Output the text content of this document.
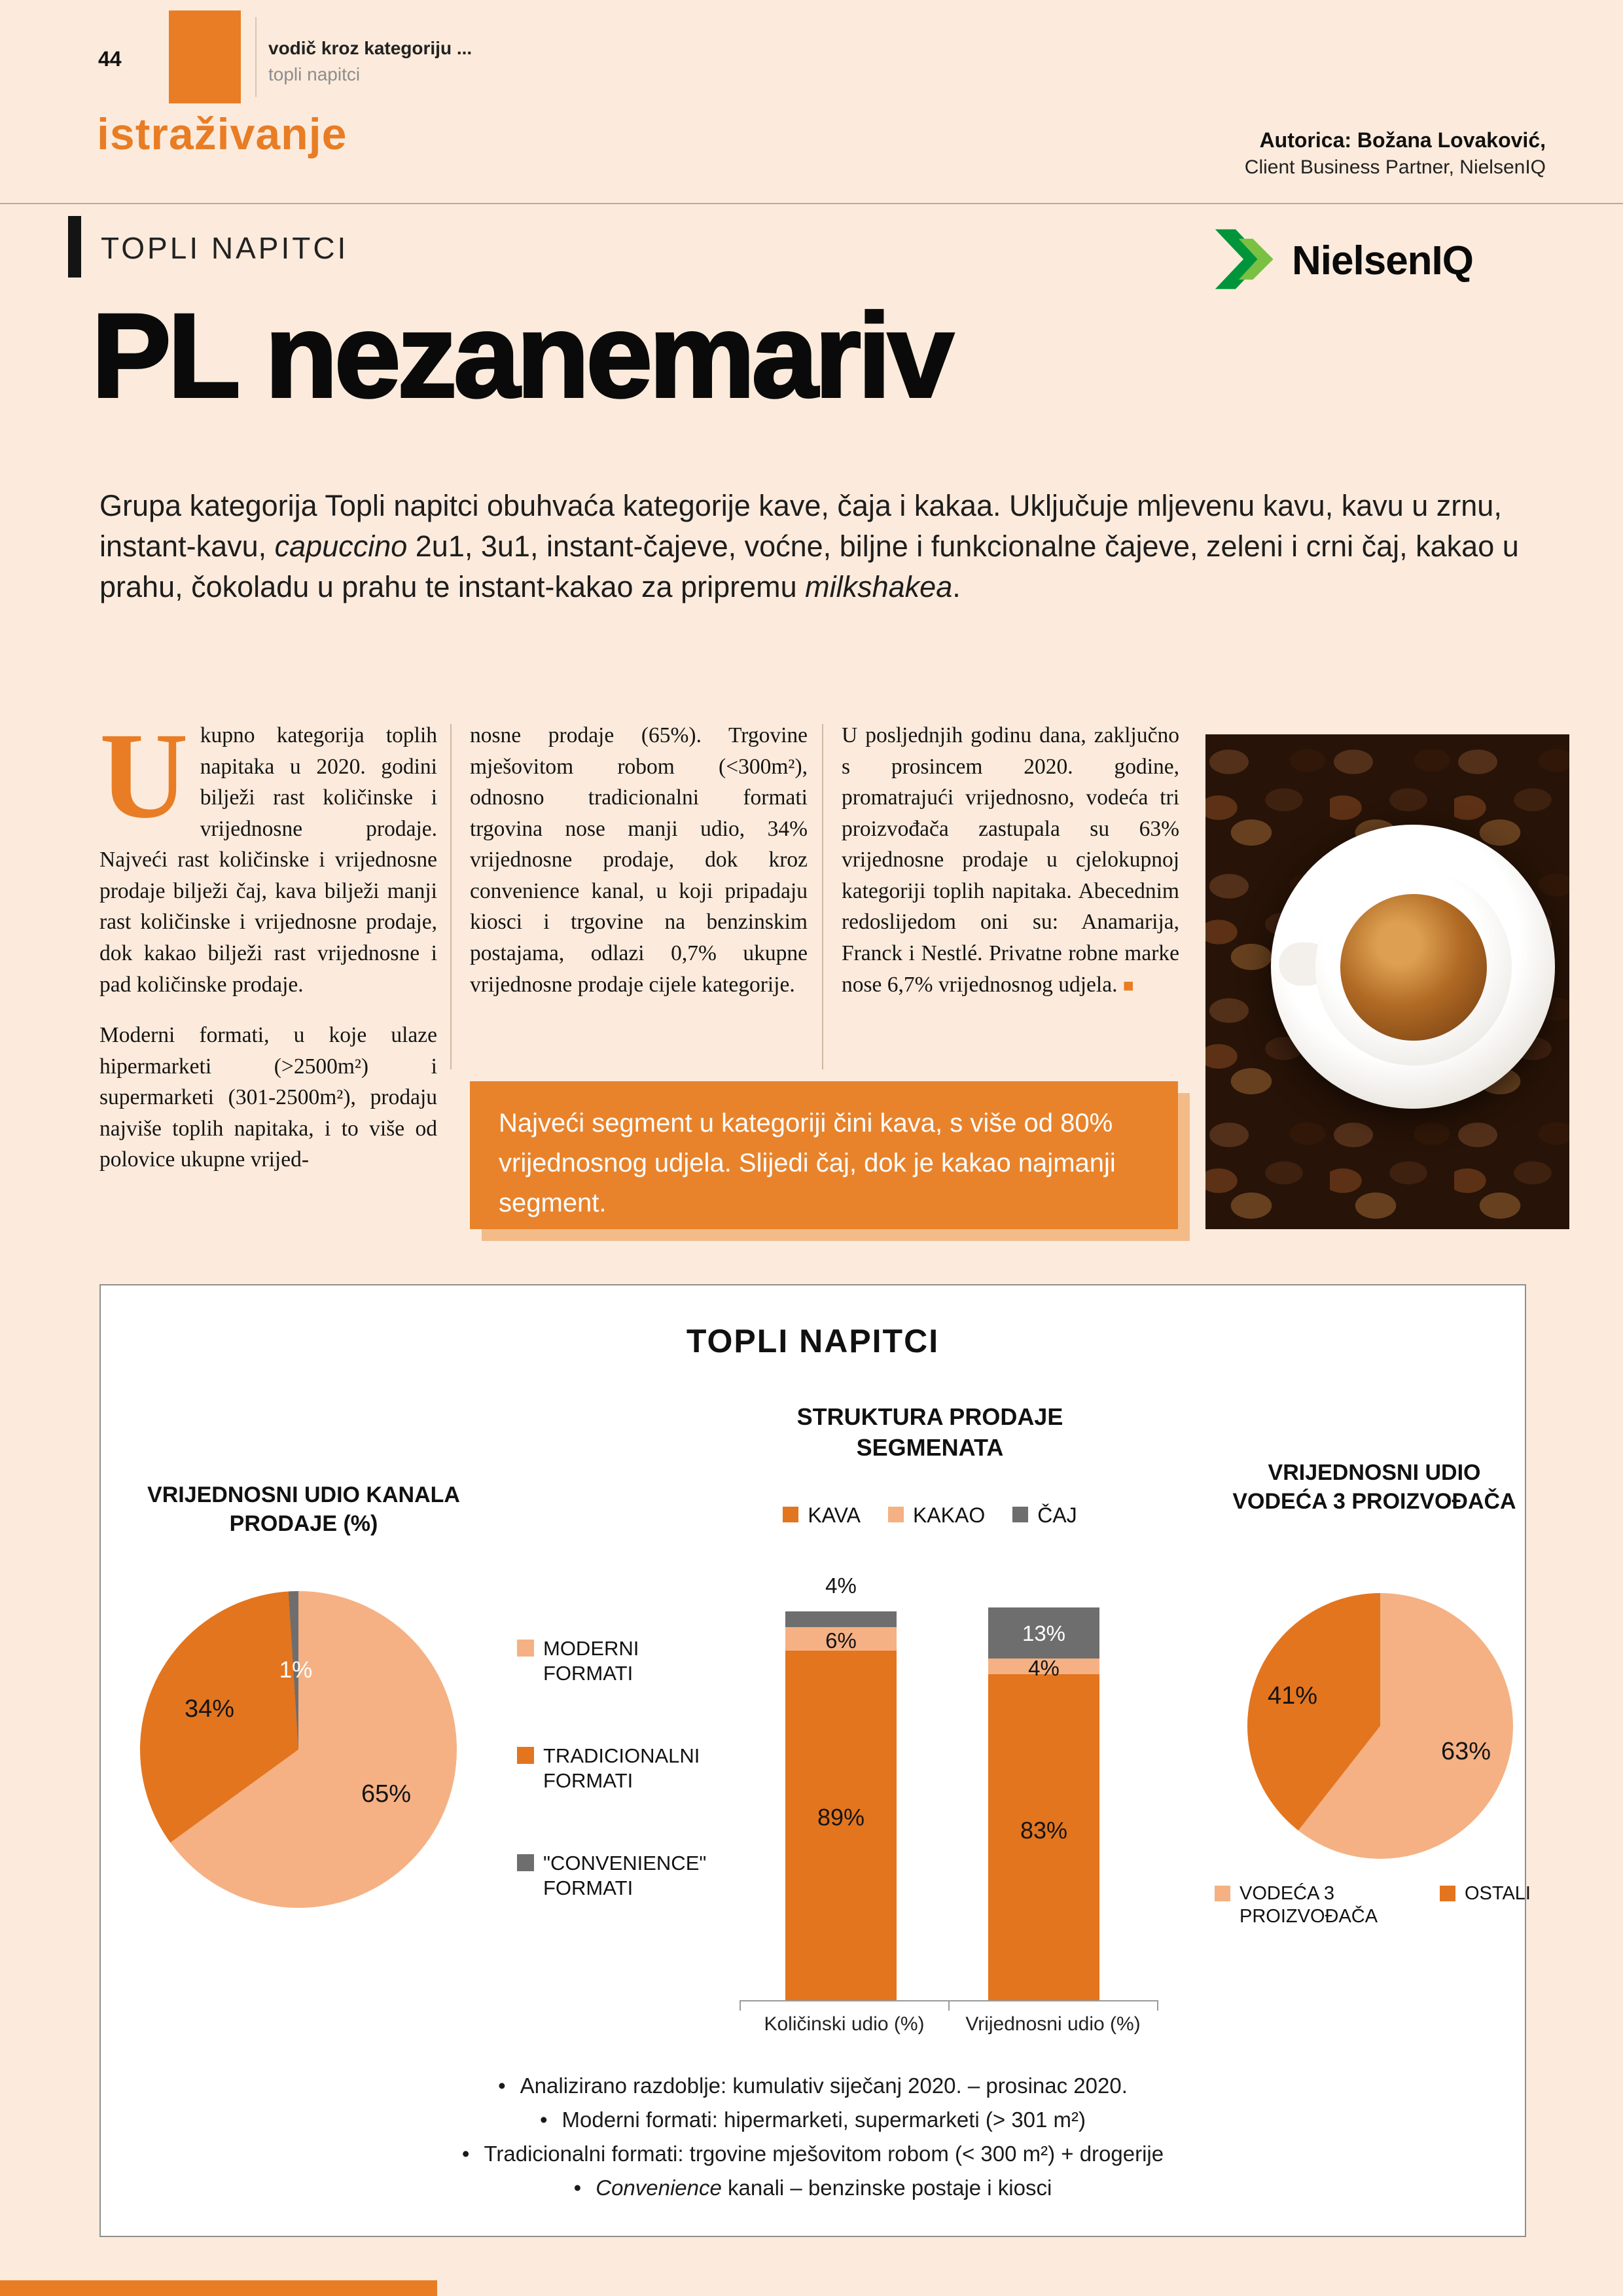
44	vodič kroz kategoriju ...
topli napitci
istraživanje	Autorica: Božana Lovaković,
Client Business Partner, NielsenIQ
TOPLI NAPITCI	NielsenIQ
PL nezanemariv
Grupa kategorija Topli napitci obuhvaća kategorije kave, čaja i kakaa. Uključuje mljevenu kavu, kavu u zrnu, instant-kavu, capuccino 2u1, 3u1, instant-čajeve, voćne, biljne i funkcionalne čajeve, zeleni i crni čaj, kakao u prahu, čokoladu u prahu te instant-kakao za pripremu milkshakea.

Ukupno kategorija toplih napitaka u 2020. godini bilježi rast količinske i vrijednosne prodaje. Najveći rast količinske i vrijednosne prodaje bilježi čaj, kava bilježi manji rast količinske i vrijednosne prodaje, dok kakao bilježi rast vrijednosne i pad količinske prodaje.

Moderni formati, u koje ulaze hipermarketi (>2500m²) i supermarketi (301-2500m²), prodaju najviše toplih napitaka, i to više od polovice ukupne vrijed-

nosne prodaje (65%). Trgovine mješovitom robom (<300m²), odnosno tradicionalni formati trgovina nose manji udio, 34% vrijednosne prodaje, dok kroz convenience kanal, u koji pripadaju kiosci i trgovine na benzinskim postajama, odlazi 0,7% ukupne vrijednosne prodaje cijele kategorije.
U posljednjih godinu dana, zaključno s prosincem 2020. godine, promatrajući vrijednosno, vodeća tri proizvođača zastupala su 63% vrijednosne prodaje u cjelokupnoj kategoriji toplih napitaka. Abecednim redoslijedom oni su: Anamarija, Franck i Nestlé. Privatne robne marke nose 6,7% vrijednosnog udjela. ■
Najveći segment u kategoriji čini kava, s više od 80% vrijednosnog udjela. Slijedi čaj, dok je kakao najmanji segment.
TOPLI NAPITCI
VRIJEDNOSNI UDIO KANALA PRODAJE (%)
34%
65%
1%
MODERNI FORMATI
TRADICIONALNI FORMATI
"CONVENIENCE" FORMATI
STRUKTURA PRODAJE SEGMENATA
KAVA	KAKAO	ČAJ
4%
6%
89%
13%
4%
83%
Količinski udio (%)	Vrijednosni udio (%)
VRIJEDNOSNI UDIO VODEĆA 3 PROIZVOĐAČA
41%
63%
VODEĆA 3 PROIZVOĐAČA
OSTALI
• Analizirano razdoblje: kumulativ siječanj 2020. – prosinac 2020.
• Moderni formati: hipermarketi, supermarketi (> 301 m²)
• Tradicionalni formati: trgovine mješovitom robom (< 300 m²) + drogerije
• Convenience kanali – benzinske postaje i kiosci
